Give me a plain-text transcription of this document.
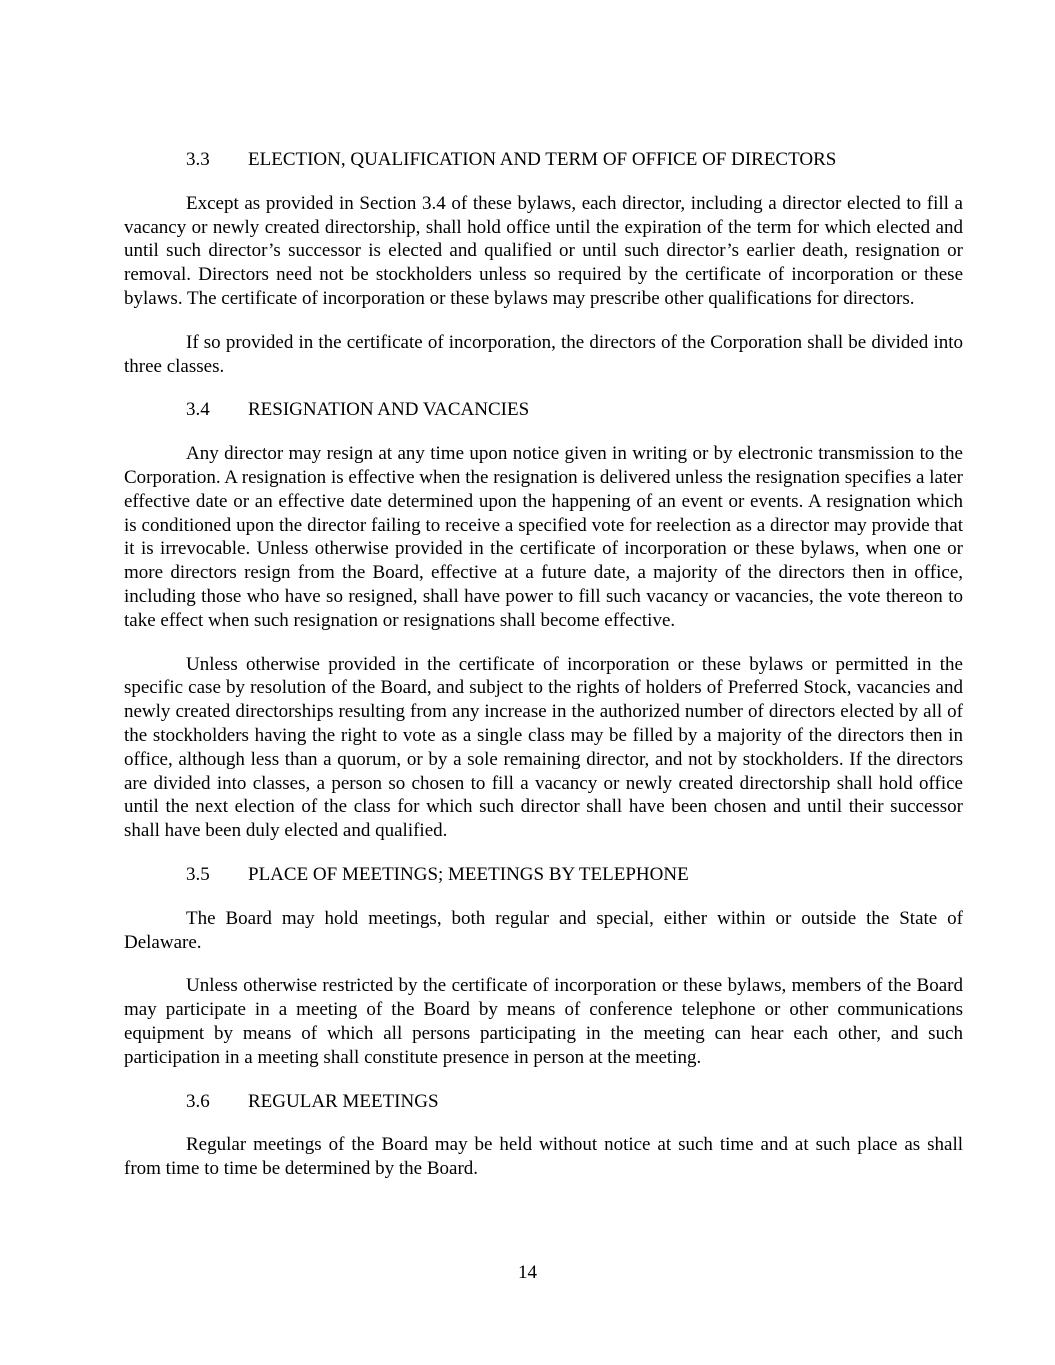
3.3 ELECTION, QUALIFICATION AND TERM OF OFFICE OF DIRECTORS

Except as provided in Section 3.4 of these bylaws, each director, including a director elected to fill a vacancy or newly created directorship, shall hold office until the expiration of the term for which elected and until such director’s successor is elected and qualified or until such director’s earlier death, resignation or removal. Directors need not be stockholders unless so required by the certificate of incorporation or these bylaws. The certificate of incorporation or these bylaws may prescribe other qualifications for directors.

If so provided in the certificate of incorporation, the directors of the Corporation shall be divided into three classes.

3.4 RESIGNATION AND VACANCIES

Any director may resign at any time upon notice given in writing or by electronic transmission to the Corporation. A resignation is effective when the resignation is delivered unless the resignation specifies a later effective date or an effective date determined upon the happening of an event or events. A resignation which is conditioned upon the director failing to receive a specified vote for reelection as a director may provide that it is irrevocable. Unless otherwise provided in the certificate of incorporation or these bylaws, when one or more directors resign from the Board, effective at a future date, a majority of the directors then in office, including those who have so resigned, shall have power to fill such vacancy or vacancies, the vote thereon to take effect when such resignation or resignations shall become effective.

Unless otherwise provided in the certificate of incorporation or these bylaws or permitted in the specific case by resolution of the Board, and subject to the rights of holders of Preferred Stock, vacancies and newly created directorships resulting from any increase in the authorized number of directors elected by all of the stockholders having the right to vote as a single class may be filled by a majority of the directors then in office, although less than a quorum, or by a sole remaining director, and not by stockholders. If the directors are divided into classes, a person so chosen to fill a vacancy or newly created directorship shall hold office until the next election of the class for which such director shall have been chosen and until their successor shall have been duly elected and qualified.

3.5 PLACE OF MEETINGS; MEETINGS BY TELEPHONE

The Board may hold meetings, both regular and special, either within or outside the State of Delaware.

Unless otherwise restricted by the certificate of incorporation or these bylaws, members of the Board may participate in a meeting of the Board by means of conference telephone or other communications equipment by means of which all persons participating in the meeting can hear each other, and such participation in a meeting shall constitute presence in person at the meeting.

3.6 REGULAR MEETINGS

Regular meetings of the Board may be held without notice at such time and at such place as shall from time to time be determined by the Board.

14
